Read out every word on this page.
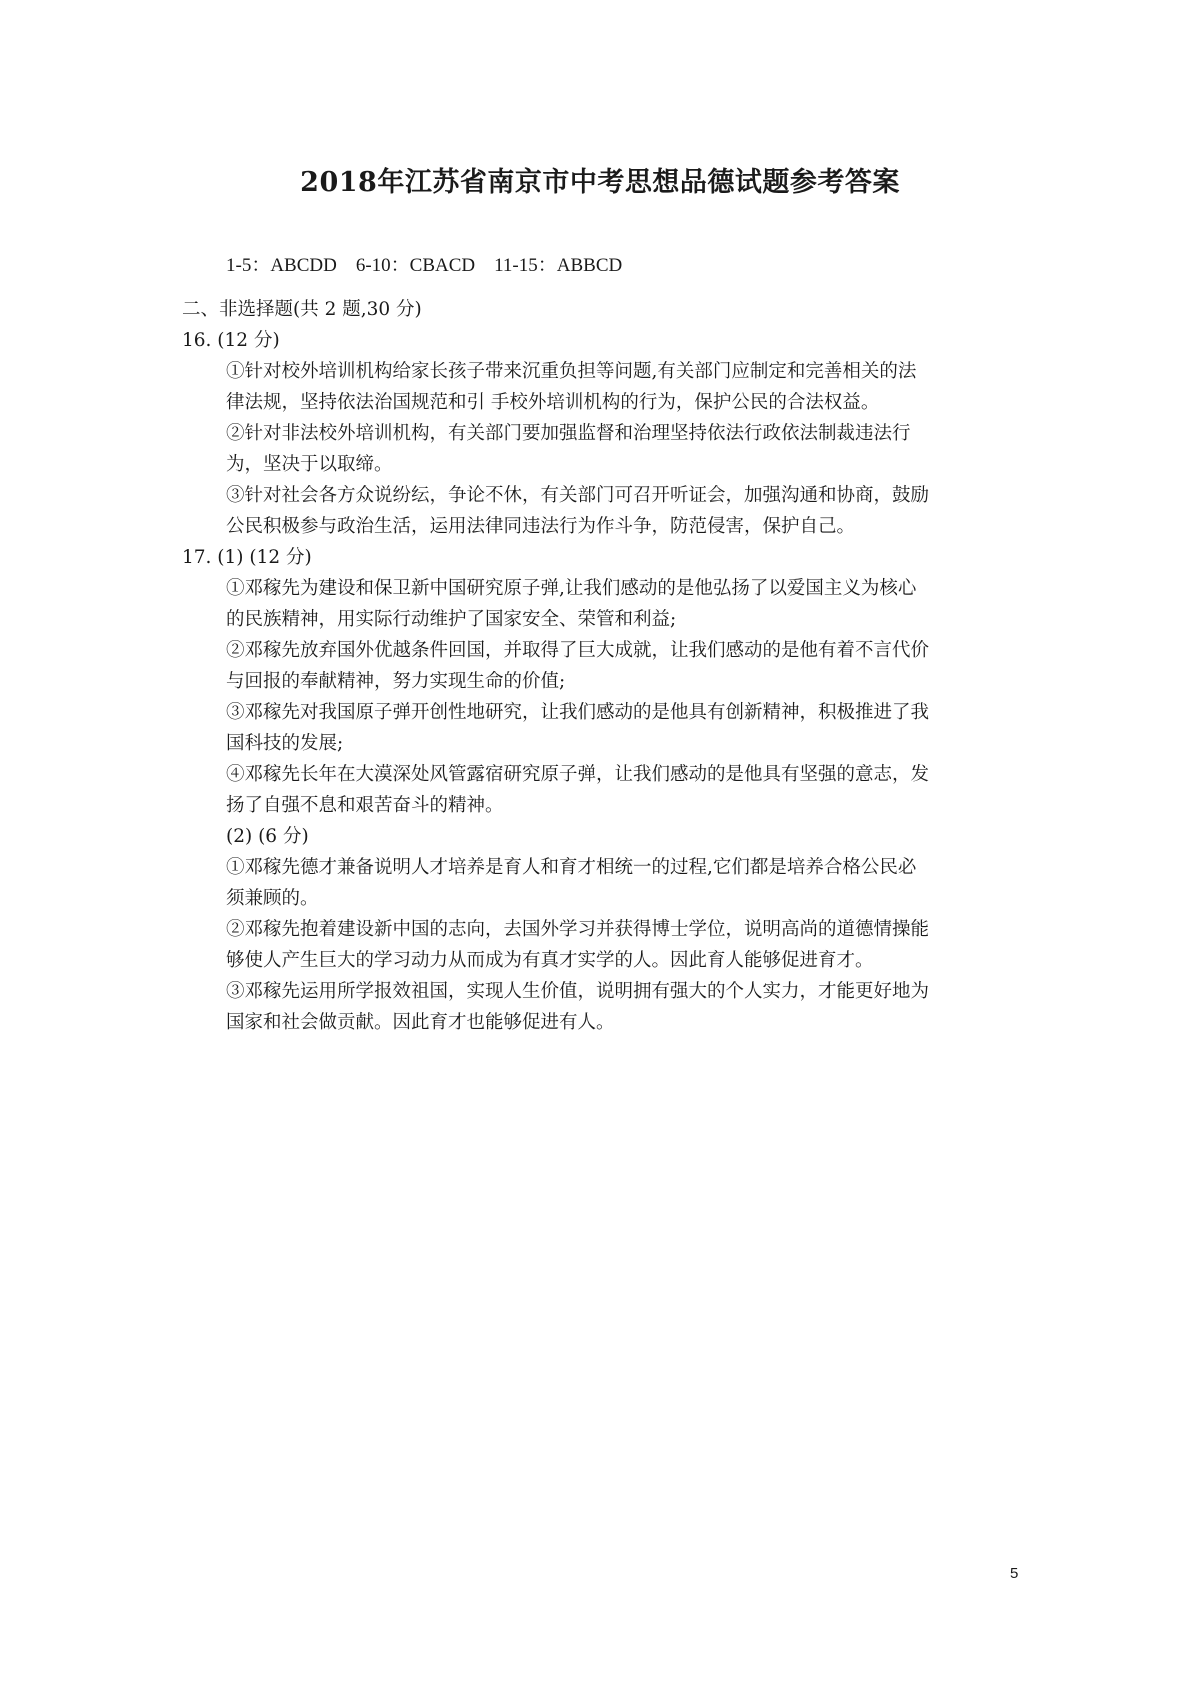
2018年江苏省南京市中考思想品德试题参考答案
1-5：ABCDD    6-10：CBACD    11-15：ABBCD
二、非选择题(共 2 题,30 分)
16. (12 分)
①针对校外培训机构给家长孩子带来沉重负担等问题,有关部门应制定和完善相关的法
律法规，坚持依法治国规范和引 手校外培训机构的行为，保护公民的合法权益。
②针对非法校外培训机构，有关部门要加强监督和治理坚持依法行政依法制裁违法行
为，坚决于以取缔。
③针对社会各方众说纷纭，争论不休，有关部门可召开听证会，加强沟通和协商，鼓励
公民积极参与政治生活，运用法律同违法行为作斗争，防范侵害，保护自己。
17. (1) (12 分)
①邓稼先为建设和保卫新中国研究原子弹,让我们感动的是他弘扬了以爱国主义为核心
的民族精神，用实际行动维护了国家安全、荣管和利益;
②邓稼先放弃国外优越条件回国，并取得了巨大成就，让我们感动的是他有着不言代价
与回报的奉献精神，努力实现生命的价值;
③邓稼先对我国原子弹开创性地研究，让我们感动的是他具有创新精神，积极推进了我
国科技的发展;
④邓稼先长年在大漠深处风管露宿研究原子弹，让我们感动的是他具有坚强的意志，发
扬了自强不息和艰苦奋斗的精神。
(2) (6 分)
①邓稼先德才兼备说明人才培养是育人和育才相统一的过程,它们都是培养合格公民必
须兼顾的。
②邓稼先抱着建设新中国的志向，去国外学习并获得博士学位，说明高尚的道德情操能
够使人产生巨大的学习动力从而成为有真才实学的人。因此育人能够促进育才。
③邓稼先运用所学报效祖国，实现人生价值，说明拥有强大的个人实力，才能更好地为
国家和社会做贡献。因此育才也能够促进有人。
5
